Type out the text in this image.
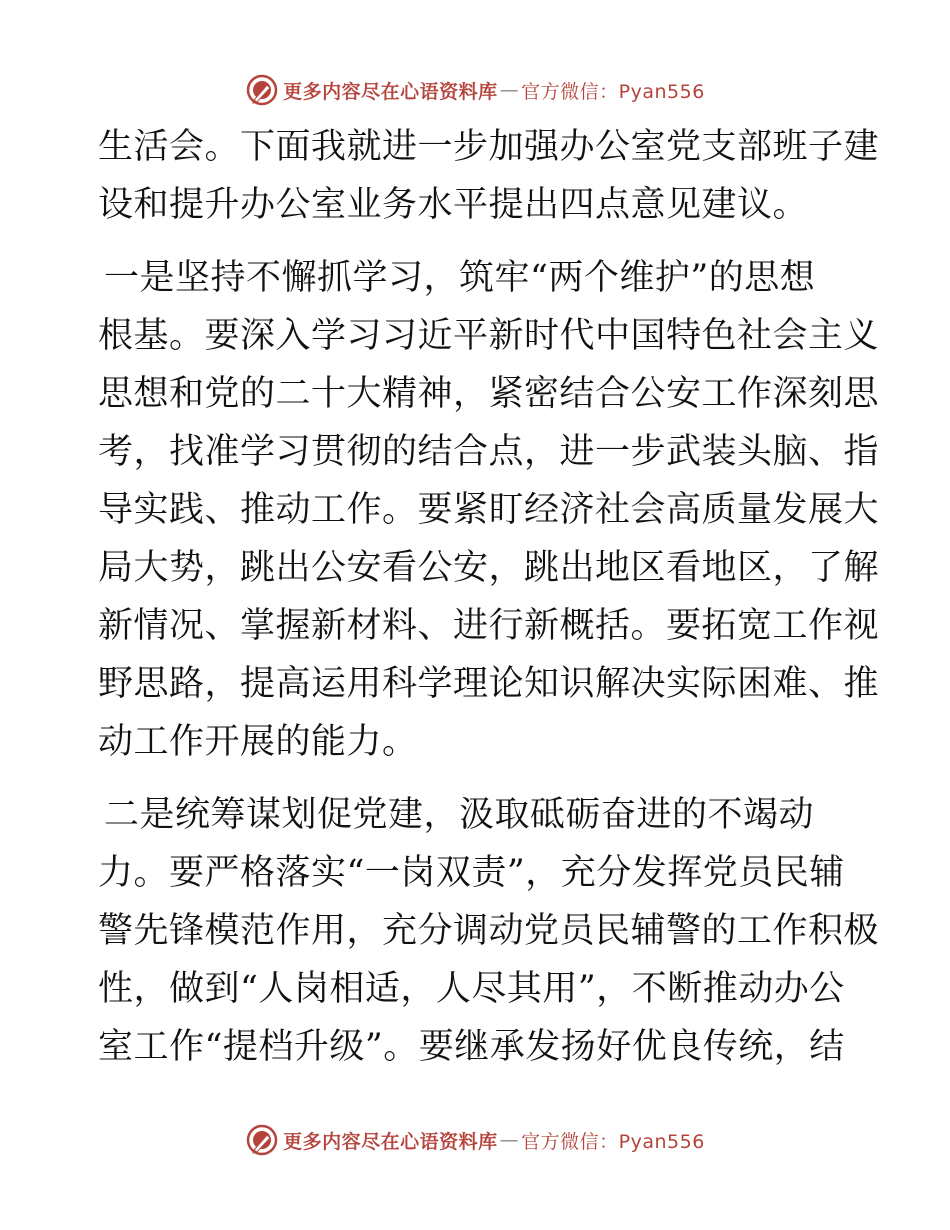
更多内容尽在心语资料库 — 官方微信：Pyan556
生活会。下面我就进一步加强办公室党支部班子建
设和提升办公室业务水平提出四点意见建议。
一是坚持不懈抓学习，筑牢“两个维护”的思想
根基。要深入学习习近平新时代中国特色社会主义
思想和党的二十大精神，紧密结合公安工作深刻思
考，找准学习贯彻的结合点，进一步武装头脑、指
导实践、推动工作。要紧盯经济社会高质量发展大
局大势，跳出公安看公安，跳出地区看地区，了解
新情况、掌握新材料、进行新概括。要拓宽工作视
野思路，提高运用科学理论知识解决实际困难、推
动工作开展的能力。
二是统筹谋划促党建，汲取砥砺奋进的不竭动
力。要严格落实“一岗双责”，充分发挥党员民辅
警先锋模范作用，充分调动党员民辅警的工作积极
性，做到“人岗相适，人尽其用”，不断推动办公
室工作“提档升级”。要继承发扬好优良传统，结
更多内容尽在心语资料库 — 官方微信：Pyan556
